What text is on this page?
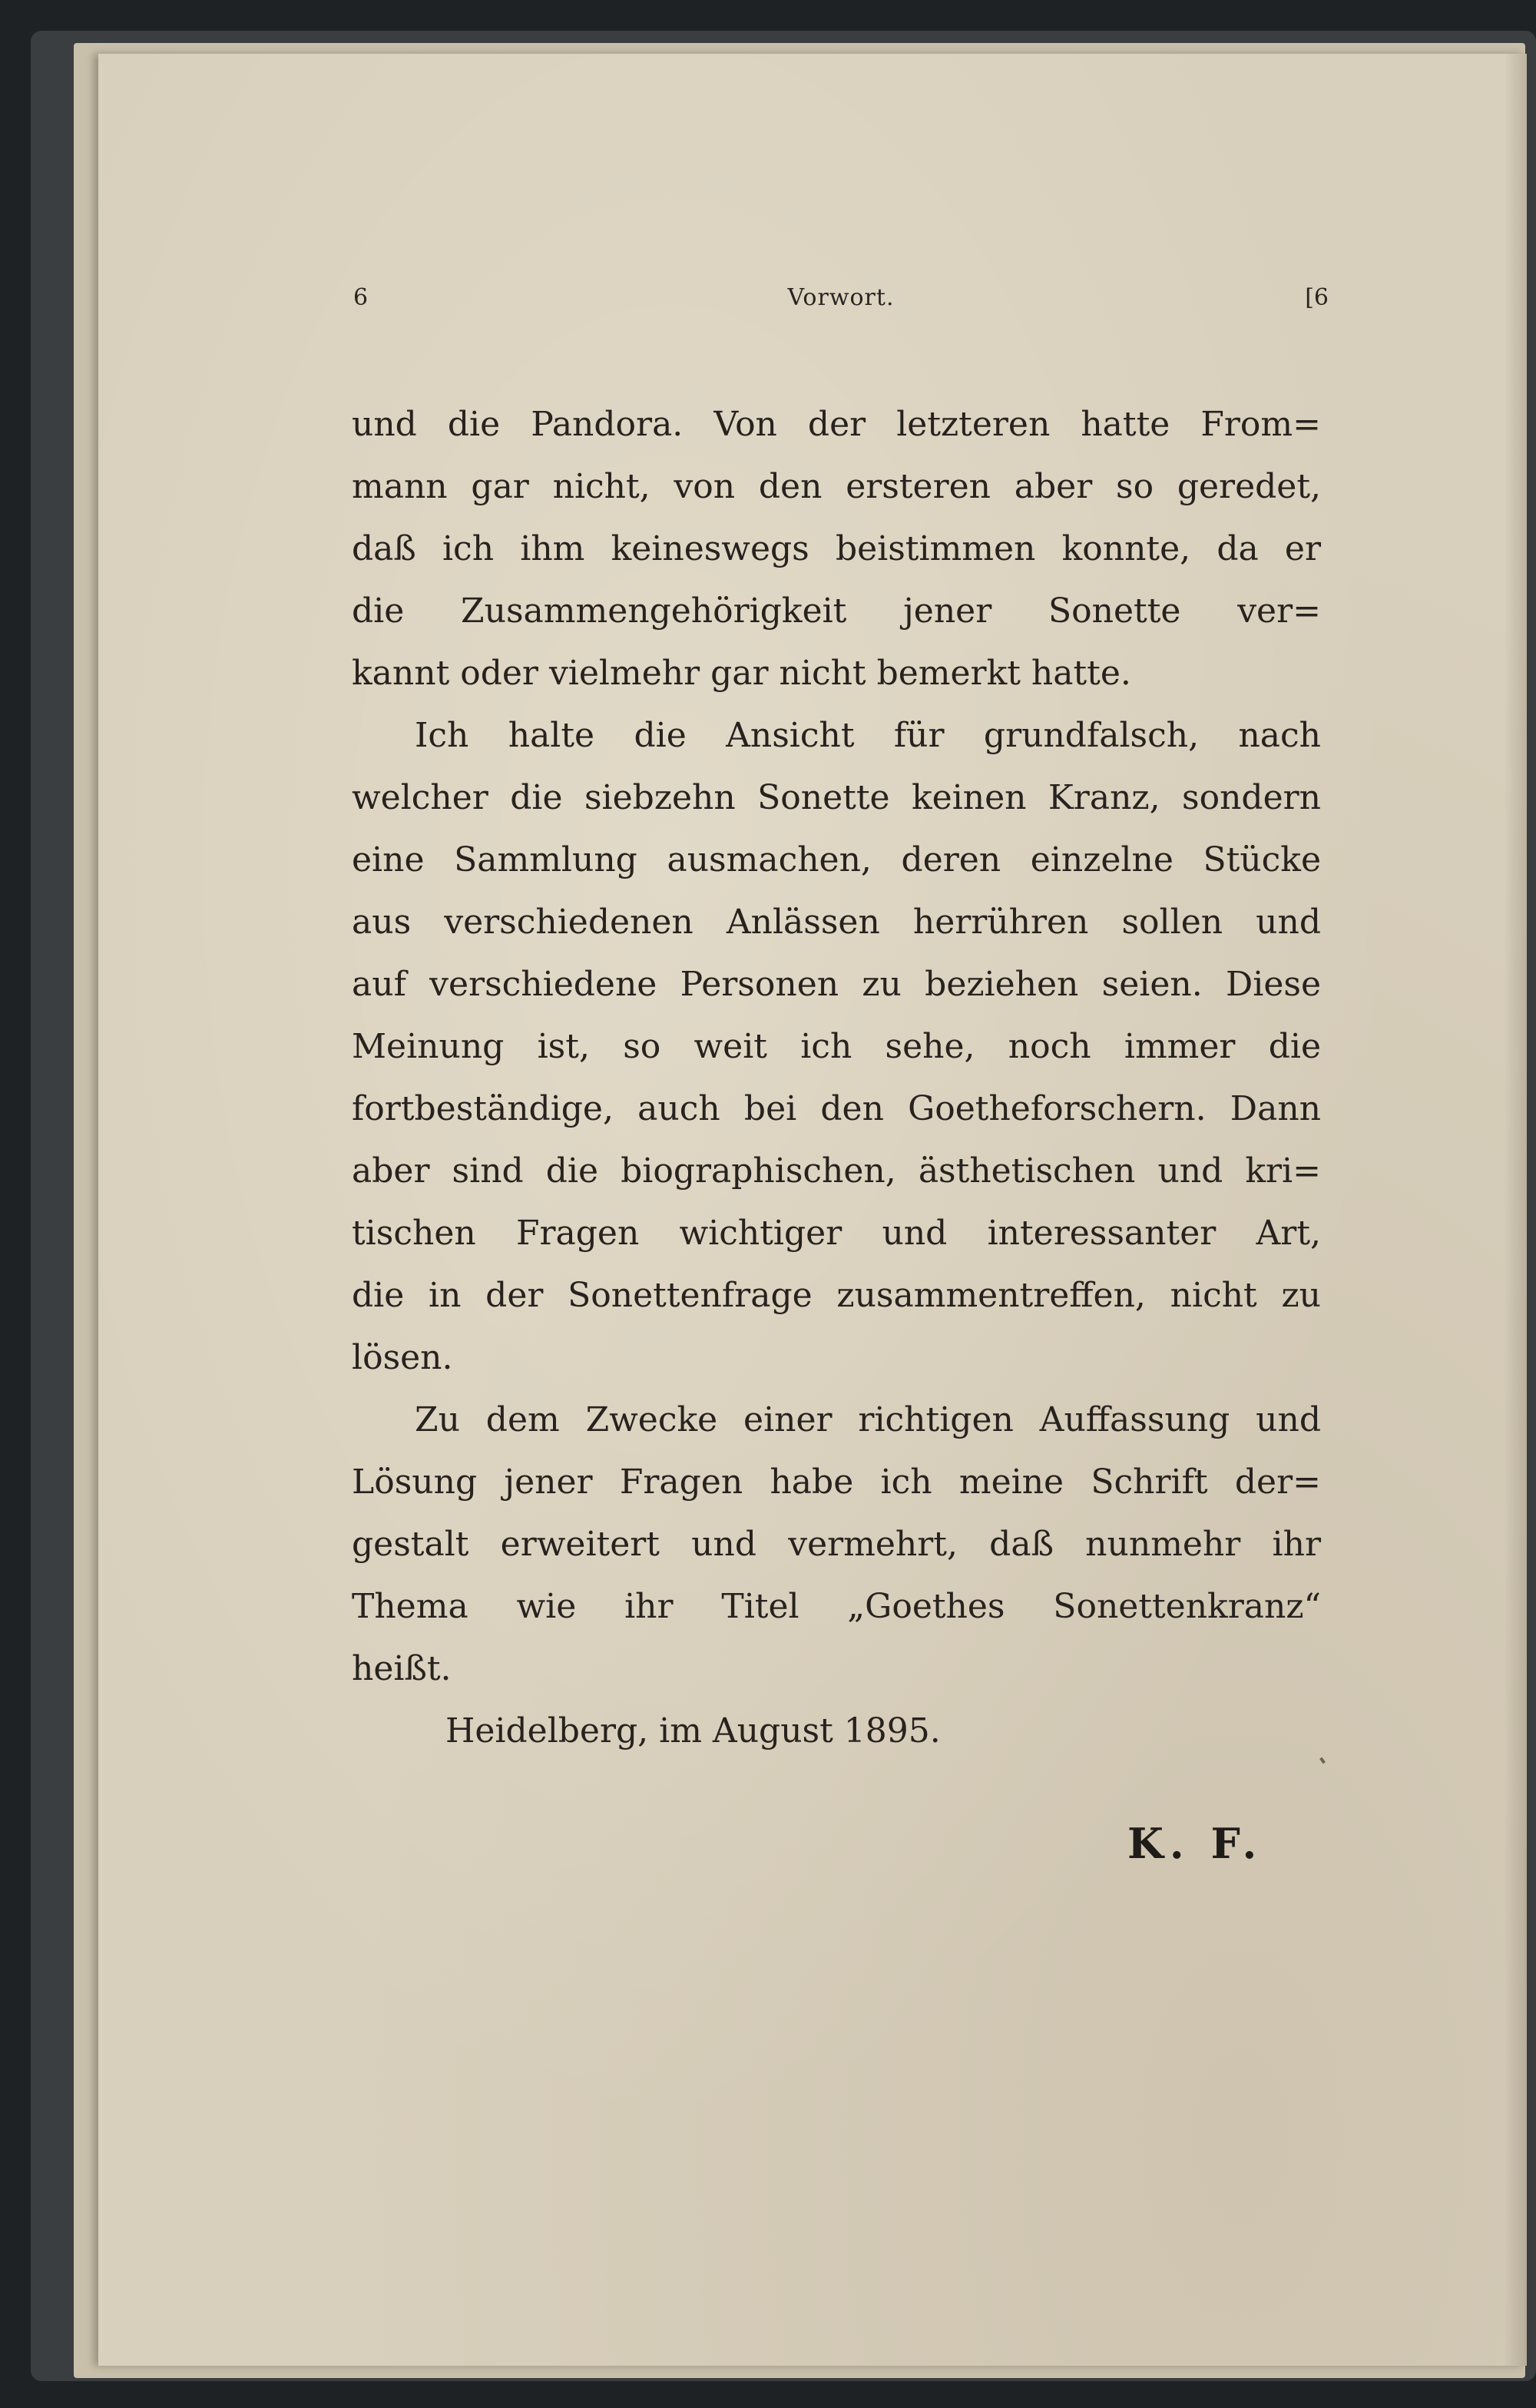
6	Vorwort.	[6
und die Pandora. Von der letzteren hatte From=
mann gar nicht, von den ersteren aber so geredet,
daß ich ihm keineswegs beistimmen konnte, da er
die Zusammengehörigkeit jener Sonette ver=
kannt oder vielmehr gar nicht bemerkt hatte.
Ich halte die Ansicht für grundfalsch, nach
welcher die siebzehn Sonette keinen Kranz, sondern
eine Sammlung ausmachen, deren einzelne Stücke
aus verschiedenen Anlässen herrühren sollen und
auf verschiedene Personen zu beziehen seien. Diese
Meinung ist, so weit ich sehe, noch immer die
fortbeständige, auch bei den Goetheforschern. Dann
aber sind die biographischen, ästhetischen und kri=
tischen Fragen wichtiger und interessanter Art,
die in der Sonettenfrage zusammentreffen, nicht zu
lösen.
Zu dem Zwecke einer richtigen Auffassung und
Lösung jener Fragen habe ich meine Schrift der=
gestalt erweitert und vermehrt, daß nunmehr ihr
Thema wie ihr Titel „Goethes Sonettenkranz“
heißt.
Heidelberg, im August 1895.
K. F.
